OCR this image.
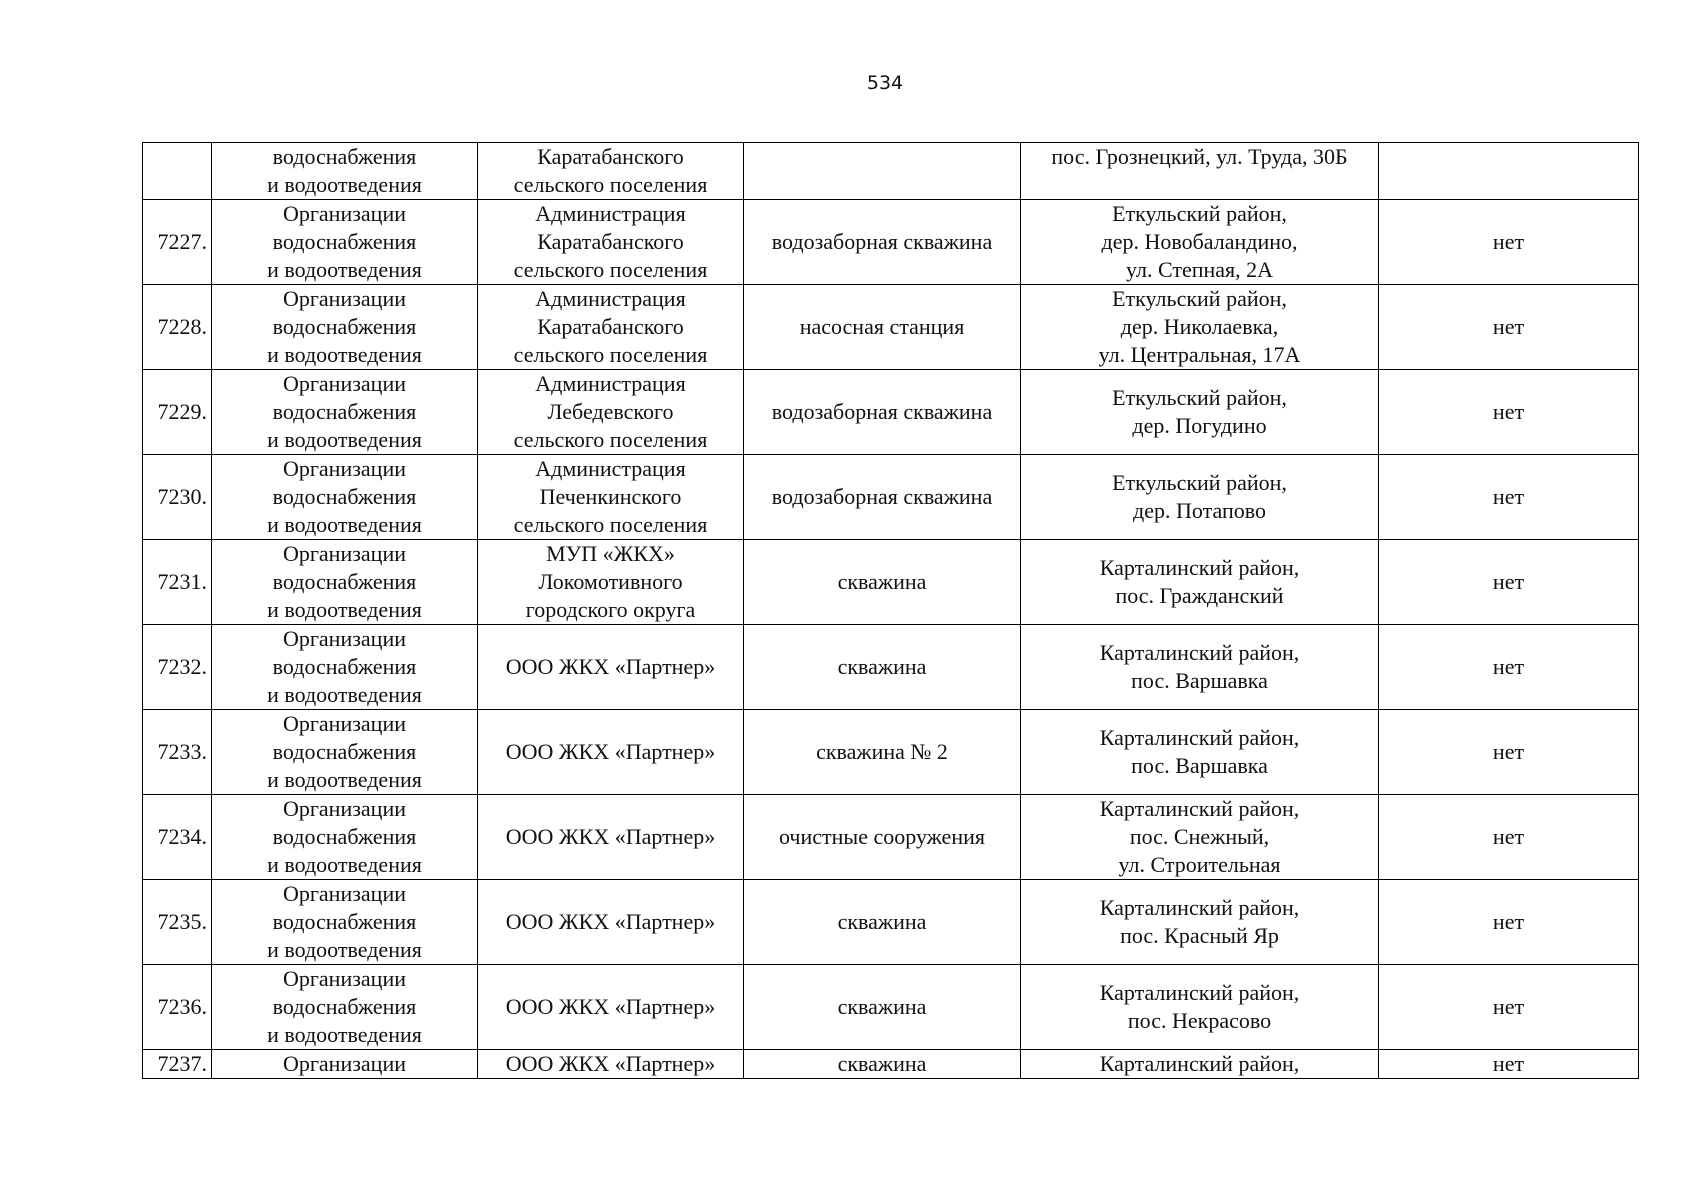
534

	водоснабжения
и водоотведения	Каратабанского
сельского поселения		пос. Грознецкий, ул. Труда, 30Б	

7227.	Организации
водоснабжения
и водоотведения	Администрация
Каратабанского
сельского поселения	водозаборная скважина	Еткульский район,
дер. Новобаландино,
ул. Степная, 2А	нет
7228.	Организации
водоснабжения
и водоотведения	Администрация
Каратабанского
сельского поселения	насосная станция	Еткульский район,
дер. Николаевка,
ул. Центральная, 17А	нет
7229.	Организации
водоснабжения
и водоотведения	Администрация
Лебедевского
сельского поселения	водозаборная скважина	Еткульский район,
дер. Погудино	нет
7230.	Организации
водоснабжения
и водоотведения	Администрация
Печенкинского
сельского поселения	водозаборная скважина	Еткульский район,
дер. Потапово	нет
7231.	Организации
водоснабжения
и водоотведения	МУП «ЖКХ»
Локомотивного
городского округа	скважина	Карталинский район,
пос. Гражданский	нет
7232.	Организации
водоснабжения
и водоотведения	ООО ЖКХ «Партнер»	скважина	Карталинский район,
пос. Варшавка	нет
7233.	Организации
водоснабжения
и водоотведения	ООО ЖКХ «Партнер»	скважина № 2	Карталинский район,
пос. Варшавка	нет
7234.	Организации
водоснабжения
и водоотведения	ООО ЖКХ «Партнер»	очистные сооружения	Карталинский район,
пос. Снежный,
ул. Строительная	нет
7235.	Организации
водоснабжения
и водоотведения	ООО ЖКХ «Партнер»	скважина	Карталинский район,
пос. Красный Яр	нет
7236.	Организации
водоснабжения
и водоотведения	ООО ЖКХ «Партнер»	скважина	Карталинский район,
пос. Некрасово	нет
7237.	Организации	ООО ЖКХ «Партнер»	скважина	Карталинский район,	нет
